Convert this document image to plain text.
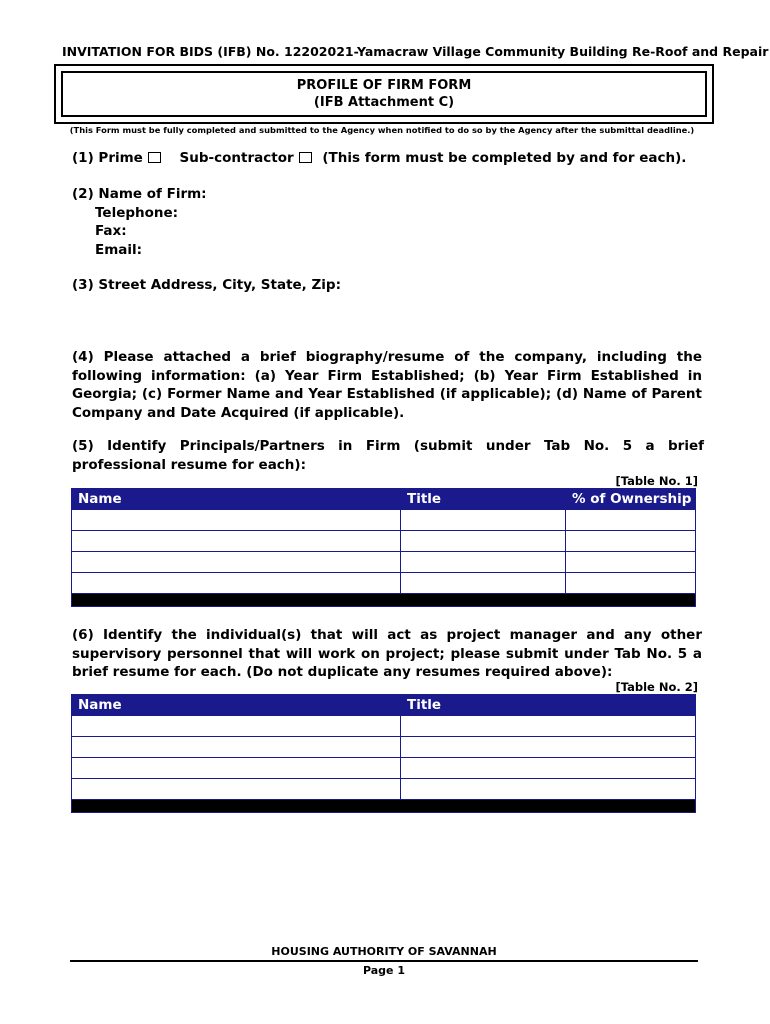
INVITATION FOR BIDS (IFB) No. 12202021-Yamacraw Village Community Building Re-Roof and Repair
PROFILE OF FIRM FORM
(IFB Attachment C)
(This Form must be fully completed and submitted to the Agency when notified to do so by the Agency after the submittal deadline.)
(1) Prime	Sub-contractor (This form must be completed by and for each).
(2) Name of Firm:
Telephone:
Fax:
Email:
(3) Street Address, City, State, Zip:
(4) Please attached a brief biography/resume of the company, including the following information: (a) Year Firm Established; (b) Year Firm Established in Georgia; (c) Former Name and Year Established (if applicable); (d) Name of Parent Company and Date Acquired (if applicable).
(5) Identify Principals/Partners in Firm (submit under Tab No. 5 a brief professional resume for each):
[Table No. 1]
Name	Title	% of Ownership

(6) Identify the individual(s) that will act as project manager and any other supervisory personnel that will work on project; please submit under Tab No. 5 a brief resume for each. (Do not duplicate any resumes required above):
[Table No. 2]
Name	Title

HOUSING AUTHORITY OF SAVANNAH
Page 1
